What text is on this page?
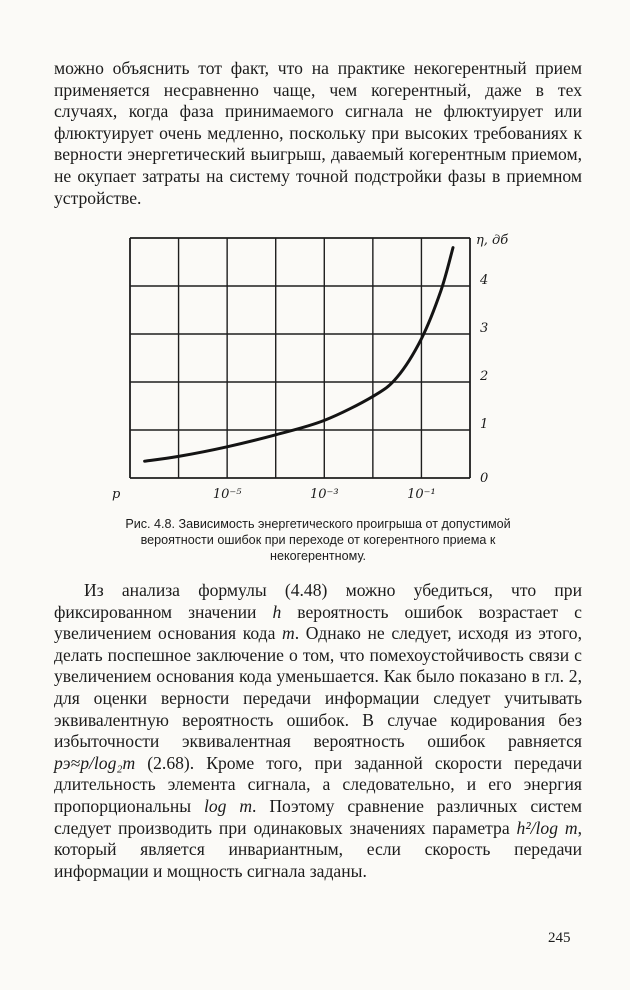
можно объяснить тот факт, что на практике некогерентный прием применяется несравненно чаще, чем когерентный, даже в тех случаях, когда фаза принимаемого сигнала не флюктуирует или флюктуирует очень медленно, поскольку при высоких требованиях к верности энергетический выигрыш, даваемый когерентным приемом, не окупает затраты на систему точной подстройки фазы в приемном устройстве.

η, дб
p
0
1
2
3
4
10⁻⁵	10⁻³	10⁻¹

Рис. 4.8. Зависимость энергетического проигрыша от допустимой вероятности ошибок при переходе от когерентного приема к некогерентному.

Из анализа формулы (4.48) можно убедиться, что при фиксированном значении h вероятность ошибок возрастает с увеличением основания кода m. Однако не следует, исходя из этого, делать поспешное заключение о том, что помехоустойчивость связи с увеличением основания кода уменьшается. Как было показано в гл. 2, для оценки верности передачи информации следует учитывать эквивалентную вероятность ошибок. В случае кодирования без избыточности эквивалентная вероятность ошибок равняется pэ≈p/log₂m (2.68). Кроме того, при заданной скорости передачи длительность элемента сигнала, а следовательно, и его энергия пропорциональны log m. Поэтому сравнение различных систем следует производить при одинаковых значениях параметра h²/log m, который является инвариантным, если скорость передачи информации и мощность сигнала заданы.

245
